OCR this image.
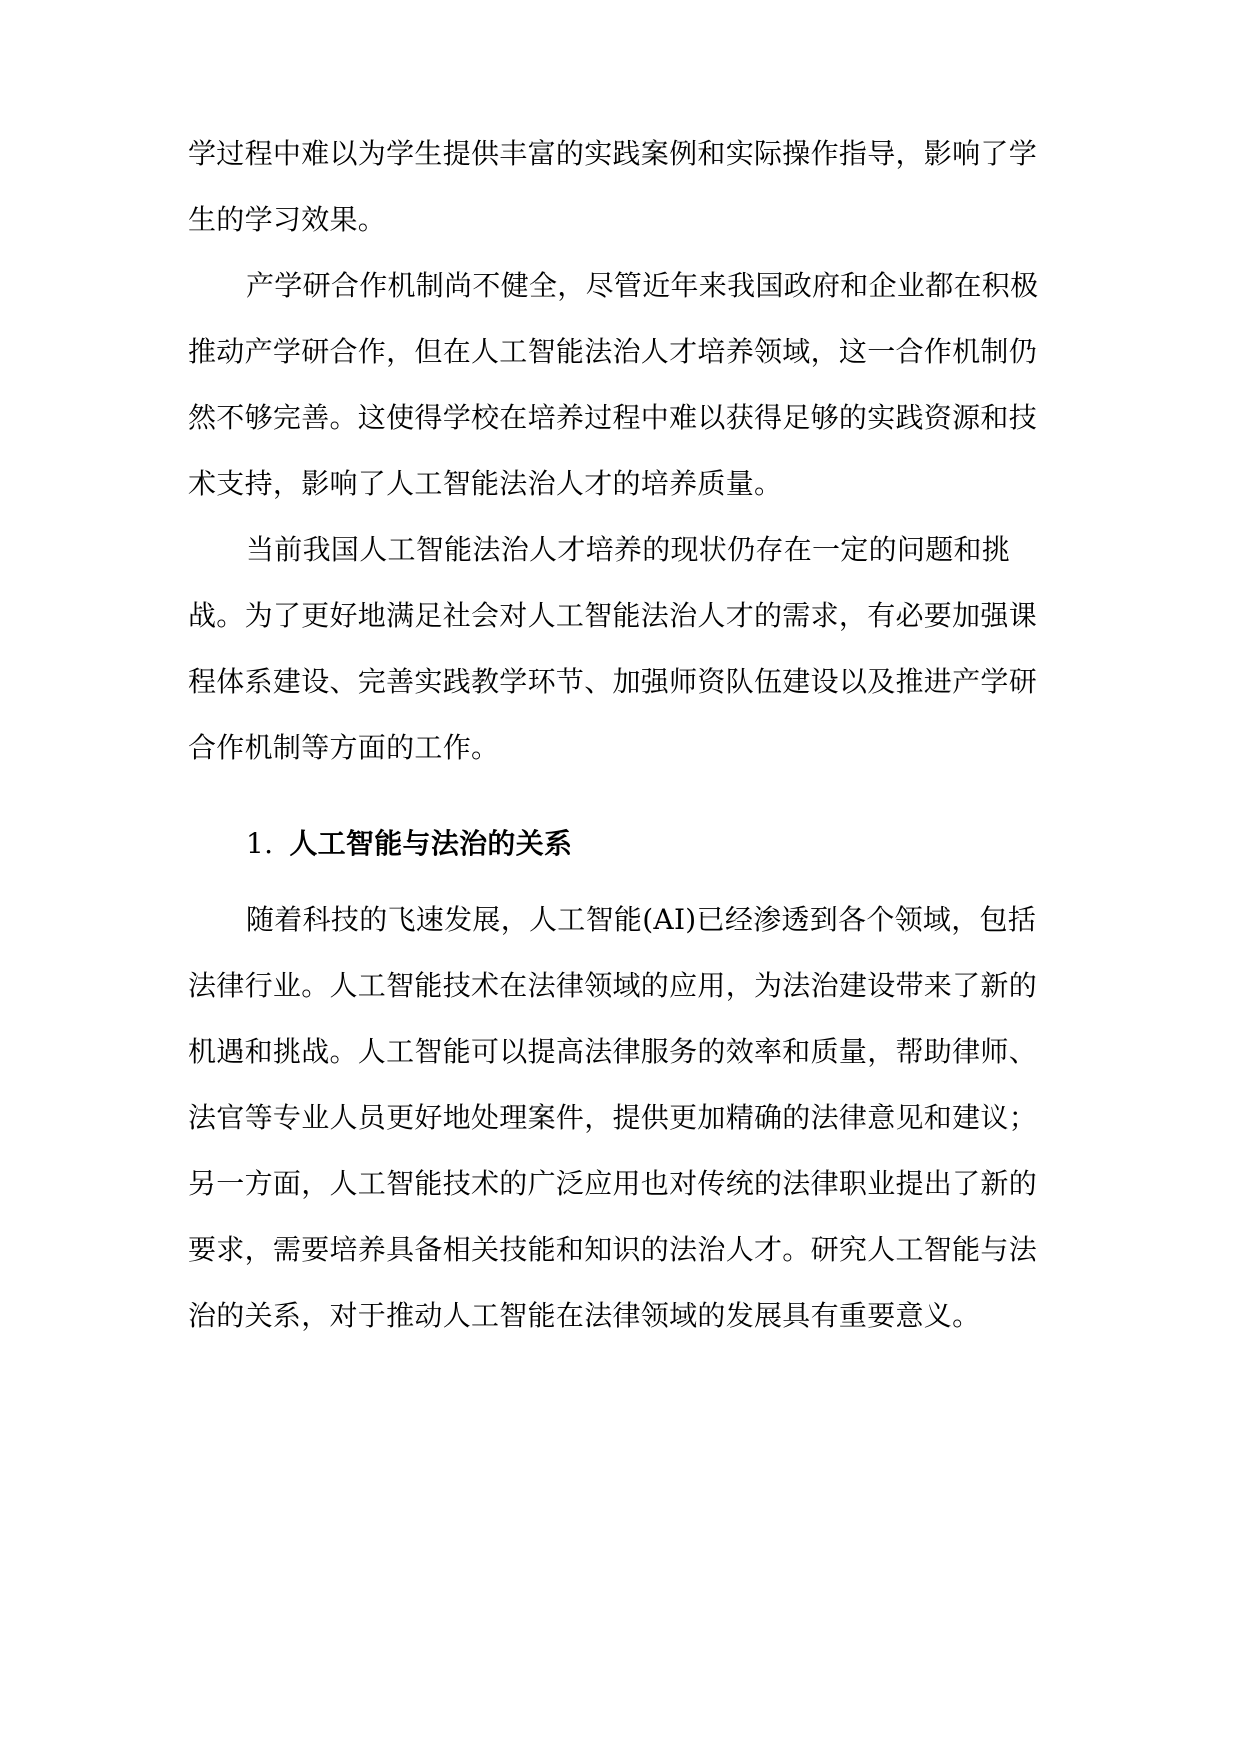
学过程中难以为学生提供丰富的实践案例和实际操作指导，影响了学
生的学习效果。
产学研合作机制尚不健全，尽管近年来我国政府和企业都在积极
推动产学研合作，但在人工智能法治人才培养领域，这一合作机制仍
然不够完善。这使得学校在培养过程中难以获得足够的实践资源和技
术支持，影响了人工智能法治人才的培养质量。
当前我国人工智能法治人才培养的现状仍存在一定的问题和挑
战。为了更好地满足社会对人工智能法治人才的需求，有必要加强课
程体系建设、完善实践教学环节、加强师资队伍建设以及推进产学研
合作机制等方面的工作。
1. 人工智能与法治的关系
随着科技的飞速发展，人工智能(AI)已经渗透到各个领域，包括
法律行业。人工智能技术在法律领域的应用，为法治建设带来了新的
机遇和挑战。人工智能可以提高法律服务的效率和质量，帮助律师、
法官等专业人员更好地处理案件，提供更加精确的法律意见和建议；
另一方面，人工智能技术的广泛应用也对传统的法律职业提出了新的
要求，需要培养具备相关技能和知识的法治人才。研究人工智能与法
治的关系，对于推动人工智能在法律领域的发展具有重要意义。
